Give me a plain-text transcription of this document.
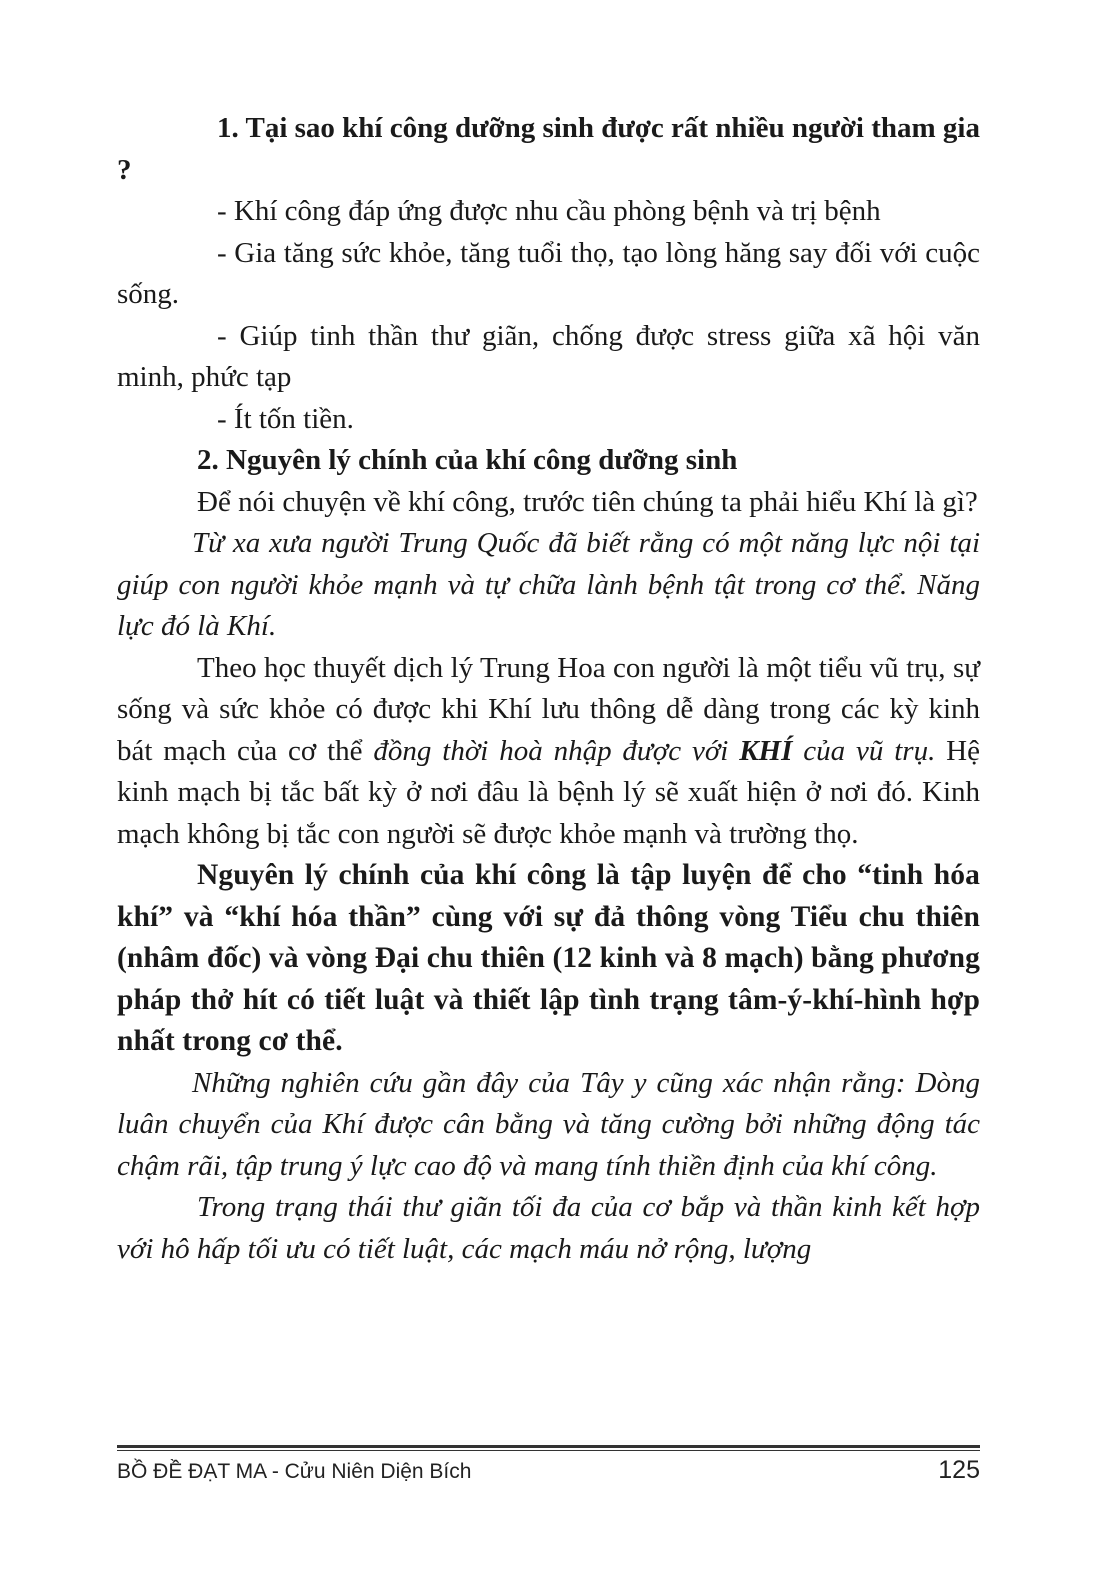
1. Tại sao khí công dưỡng sinh được rất nhiều người tham gia ?

- Khí công đáp ứng được nhu cầu phòng bệnh và trị bệnh

- Gia tăng sức khỏe, tăng tuổi thọ, tạo lòng hăng say đối với cuộc sống.

- Giúp tinh thần thư giãn, chống được stress giữa xã hội văn minh, phức tạp

- Ít tốn tiền.

2. Nguyên lý chính của khí công dưỡng sinh

Để nói chuyện về khí công, trước tiên chúng ta phải hiểu Khí là gì?

Từ xa xưa người Trung Quốc đã biết rằng có một năng lực nội tại giúp con người khỏe mạnh và tự chữa lành bệnh tật trong cơ thể. Năng lực đó là Khí.

Theo học thuyết dịch lý Trung Hoa con người là một tiểu vũ trụ, sự sống và sức khỏe có được khi Khí lưu thông dễ dàng trong các kỳ kinh bát mạch của cơ thể đồng thời hoà nhập được với KHÍ của vũ trụ. Hệ kinh mạch bị tắc bất kỳ ở nơi đâu là bệnh lý sẽ xuất hiện ở nơi đó. Kinh mạch không bị tắc con người sẽ được khỏe mạnh và trường thọ.

Nguyên lý chính của khí công là tập luyện để cho “tinh hóa khí” và “khí hóa thần” cùng với sự đả thông vòng Tiểu chu thiên (nhâm đốc) và vòng Đại chu thiên (12 kinh và 8 mạch) bằng phương pháp thở hít có tiết luật và thiết lập tình trạng tâm-ý-khí-hình hợp nhất trong cơ thể.

Những nghiên cứu gần đây của Tây y cũng xác nhận rằng: Dòng luân chuyển của Khí được cân bằng và tăng cường bởi những động tác chậm rãi, tập trung ý lực cao độ và mang tính thiền định của khí công.

Trong trạng thái thư giãn tối đa của cơ bắp và thần kinh kết hợp với hô hấp tối ưu có tiết luật, các mạch máu nở rộng, lượng

BỒ ĐỀ ĐẠT MA - Cửu Niên Diện Bích	125
